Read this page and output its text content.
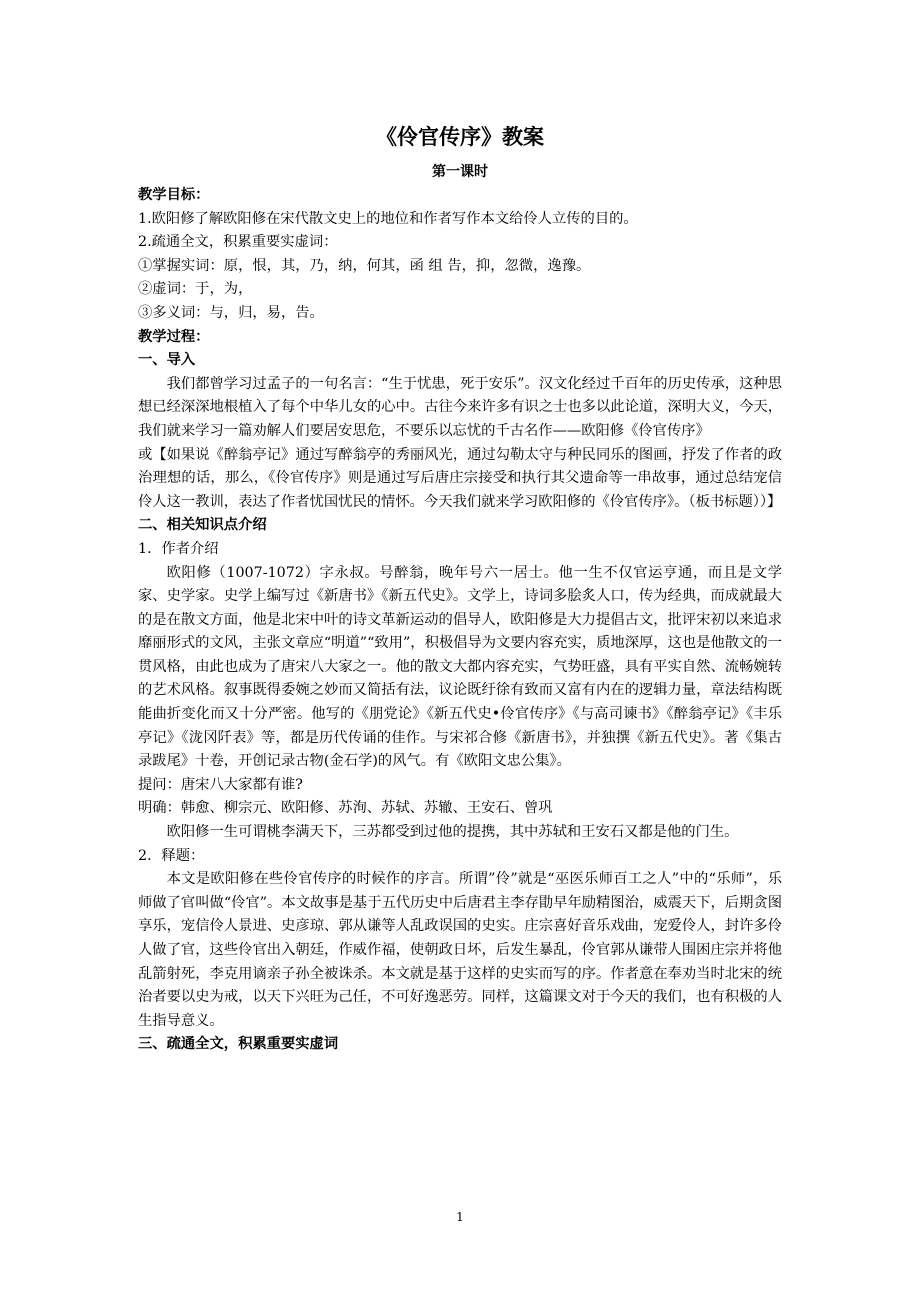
《伶官传序》教案

第一课时

教学目标：

1.欧阳修了解欧阳修在宋代散文史上的地位和作者写作本文给伶人立传的目的。

2.疏通全文，积累重要实虚词：

①掌握实词：原，恨，其，乃，纳，何其，函 组 告，抑，忽微，逸豫。

②虚词：于，为，

③多义词：与，归，易，告。

教学过程：

一、导入

我们都曾学习过孟子的一句名言：“生于忧患，死于安乐”。汉文化经过千百年的历史传承，这种思想已经深深地根植入了每个中华儿女的心中。古往今来许多有识之士也多以此论道，深明大义，今天，我们就来学习一篇劝解人们要居安思危，不要乐以忘忧的千古名作——欧阳修《伶官传序》

或【如果说《醉翁亭记》通过写醉翁亭的秀丽风光，通过勾勒太守与种民同乐的图画，抒发了作者的政治理想的话，那么，《伶官传序》则是通过写后唐庄宗接受和执行其父遗命等一串故事，通过总结宠信伶人这一教训，表达了作者忧国忧民的情怀。今天我们就来学习欧阳修的《伶官传序》。（板书标题））】

二、相关知识点介绍

1．作者介绍

欧阳修（1007-1072）字永叔。号醉翁，晚年号六一居士。他一生不仅官运亨通，而且是文学家、史学家。史学上编写过《新唐书》《新五代史》。文学上，诗词多脍炙人口，传为经典，而成就最大的是在散文方面，他是北宋中叶的诗文革新运动的倡导人，欧阳修是大力提倡古文，批评宋初以来追求靡丽形式的文风，主张文章应“明道”“致用”，积极倡导为文要内容充实，质地深厚，这也是他散文的一贯风格，由此也成为了唐宋八大家之一。他的散文大都内容充实，气势旺盛，具有平实自然、流畅婉转的艺术风格。叙事既得委婉之妙而又简括有法，议论既纡徐有致而又富有内在的逻辑力量，章法结构既能曲折变化而又十分严密。他写的《朋党论》《新五代史•伶官传序》《与高司谏书》《醉翁亭记》《丰乐亭记》《泷冈阡表》等，都是历代传诵的佳作。与宋祁合修《新唐书》，并独撰《新五代史》。著《集古录跋尾》十卷，开创记录古物(金石学)的风气。有《欧阳文忠公集》。

提问：唐宋八大家都有谁?

明确：韩愈、柳宗元、欧阳修、苏洵、苏轼、苏辙、王安石、曾巩

欧阳修一生可谓桃李满天下，三苏都受到过他的提携，其中苏轼和王安石又都是他的门生。

2．释题：

本文是欧阳修在些伶官传序的时候作的序言。所谓”伶”就是“巫医乐师百工之人”中的“乐师”，乐师做了官叫做“伶官”。本文故事是基于五代历史中后唐君主李存勖早年励精图治，威震天下，后期贪图享乐，宠信伶人景进、史彦琼、郭从谦等人乱政误国的史实。庄宗喜好音乐戏曲，宠爱伶人，封许多伶人做了官，这些伶官出入朝廷，作威作福，使朝政日坏，后发生暴乱，伶官郭从谦带人围困庄宗并将他乱箭射死，李克用谪亲子孙全被诛杀。本文就是基于这样的史实而写的序。作者意在奉劝当时北宋的统治者要以史为戒，以天下兴旺为己任，不可好逸恶劳。同样，这篇课文对于今天的我们，也有积极的人生指导意义。

三、疏通全文，积累重要实虚词

1
